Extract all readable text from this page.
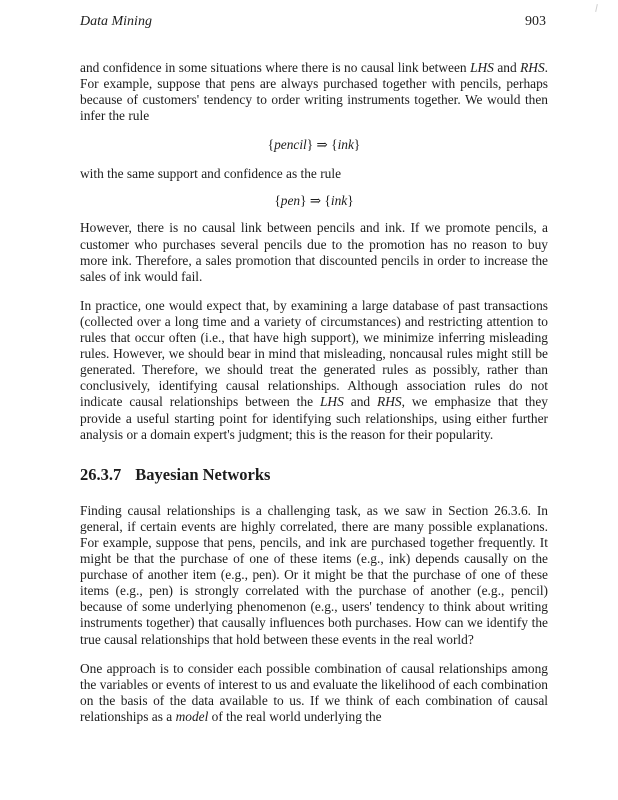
Data Mining	903

and confidence in some situations where there is no causal link between LHS and RHS. For example, suppose that pens are always purchased together with pencils, perhaps because of customers' tendency to order writing instruments together. We would then infer the rule

{pencil} ⇒ {ink}

with the same support and confidence as the rule

{pen} ⇒ {ink}

However, there is no causal link between pencils and ink. If we promote pencils, a customer who purchases several pencils due to the promotion has no reason to buy more ink. Therefore, a sales promotion that discounted pencils in order to increase the sales of ink would fail.

In practice, one would expect that, by examining a large database of past transactions (collected over a long time and a variety of circumstances) and restricting attention to rules that occur often (i.e., that have high support), we minimize inferring misleading rules. However, we should bear in mind that misleading, noncausal rules might still be generated. Therefore, we should treat the generated rules as possibly, rather than conclusively, identifying causal relationships. Although association rules do not indicate causal relationships between the LHS and RHS, we emphasize that they provide a useful starting point for identifying such relationships, using either further analysis or a domain expert's judgment; this is the reason for their popularity.

26.3.7 Bayesian Networks

Finding causal relationships is a challenging task, as we saw in Section 26.3.6. In general, if certain events are highly correlated, there are many possible explanations. For example, suppose that pens, pencils, and ink are purchased together frequently. It might be that the purchase of one of these items (e.g., ink) depends causally on the purchase of another item (e.g., pen). Or it might be that the purchase of one of these items (e.g., pen) is strongly correlated with the purchase of another (e.g., pencil) because of some underlying phenomenon (e.g., users' tendency to think about writing instruments together) that causally influences both purchases. How can we identify the true causal relationships that hold between these events in the real world?

One approach is to consider each possible combination of causal relationships among the variables or events of interest to us and evaluate the likelihood of each combination on the basis of the data available to us. If we think of each combination of causal relationships as a model of the real world underlying the
